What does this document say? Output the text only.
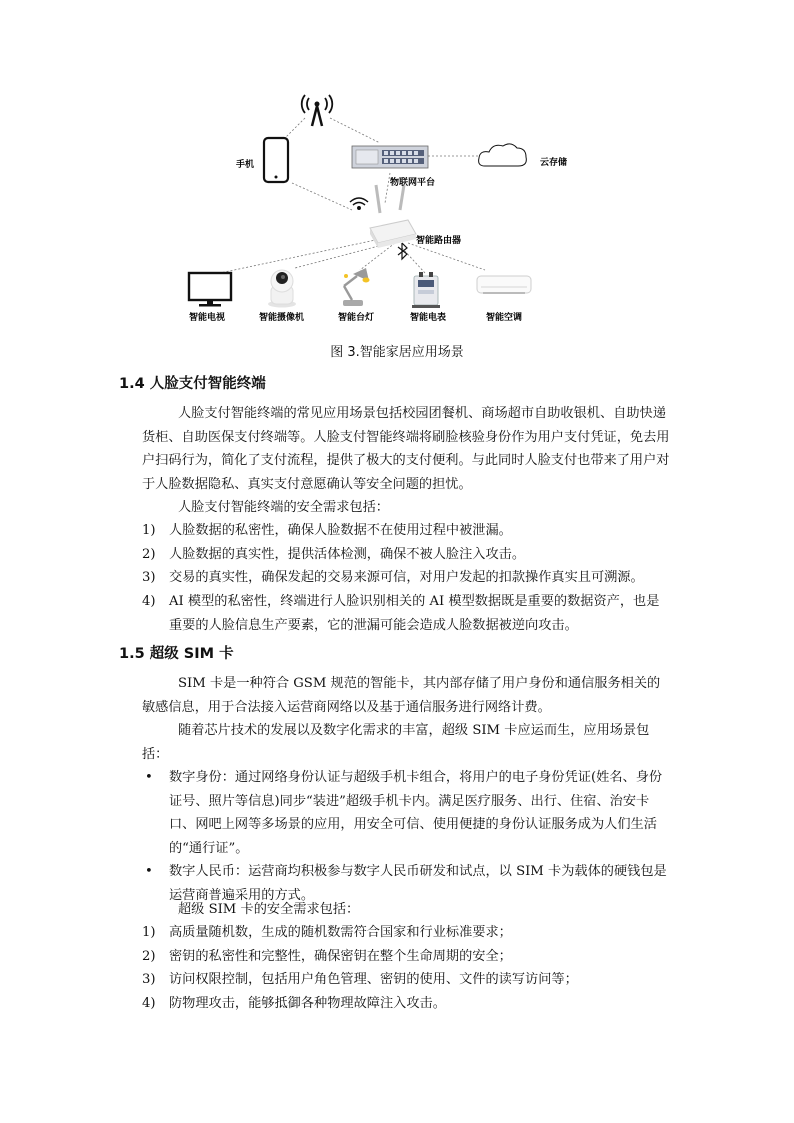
手机	云存储
物联网平台
智能路由器
智能电视	智能摄像机	智能台灯	智能电表	智能空调
图 3.智能家居应用场景
1.4 人脸支付智能终端

人脸支付智能终端的常见应用场景包括校园团餐机、商场超市自助收银机、自助快递货柜、自助医保支付终端等。人脸支付智能终端将刷脸核验身份作为用户支付凭证，免去用户扫码行为，简化了支付流程，提供了极大的支付便利。与此同时人脸支付也带来了用户对于人脸数据隐私、真实支付意愿确认等安全问题的担忧。

人脸支付智能终端的安全需求包括：

1) 人脸数据的私密性，确保人脸数据不在使用过程中被泄漏。
2) 人脸数据的真实性，提供活体检测，确保不被人脸注入攻击。
3) 交易的真实性，确保发起的交易来源可信，对用户发起的扣款操作真实且可溯源。
4) AI 模型的私密性，终端进行人脸识别相关的 AI 模型数据既是重要的数据资产，也是重要的人脸信息生产要素，它的泄漏可能会造成人脸数据被逆向攻击。
1.5 超级 SIM 卡

SIM 卡是一种符合 GSM 规范的智能卡，其内部存储了用户身份和通信服务相关的敏感信息，用于合法接入运营商网络以及基于通信服务进行网络计费。

随着芯片技术的发展以及数字化需求的丰富，超级 SIM 卡应运而生，应用场景包括：

• 数字身份：通过网络身份认证与超级手机卡组合，将用户的电子身份凭证(姓名、身份证号、照片等信息)同步“装进”超级手机卡内。满足医疗服务、出行、住宿、治安卡口、网吧上网等多场景的应用，用安全可信、使用便捷的身份认证服务成为人们生活的“通行证”。
• 数字人民币：运营商均积极参与数字人民币研发和试点，以 SIM 卡为载体的硬钱包是运营商普遍采用的方式。

超级 SIM 卡的安全需求包括：

1) 高质量随机数，生成的随机数需符合国家和行业标准要求；
2) 密钥的私密性和完整性，确保密钥在整个生命周期的安全；
3) 访问权限控制，包括用户角色管理、密钥的使用、文件的读写访问等；
4) 防物理攻击，能够抵御各种物理故障注入攻击。
